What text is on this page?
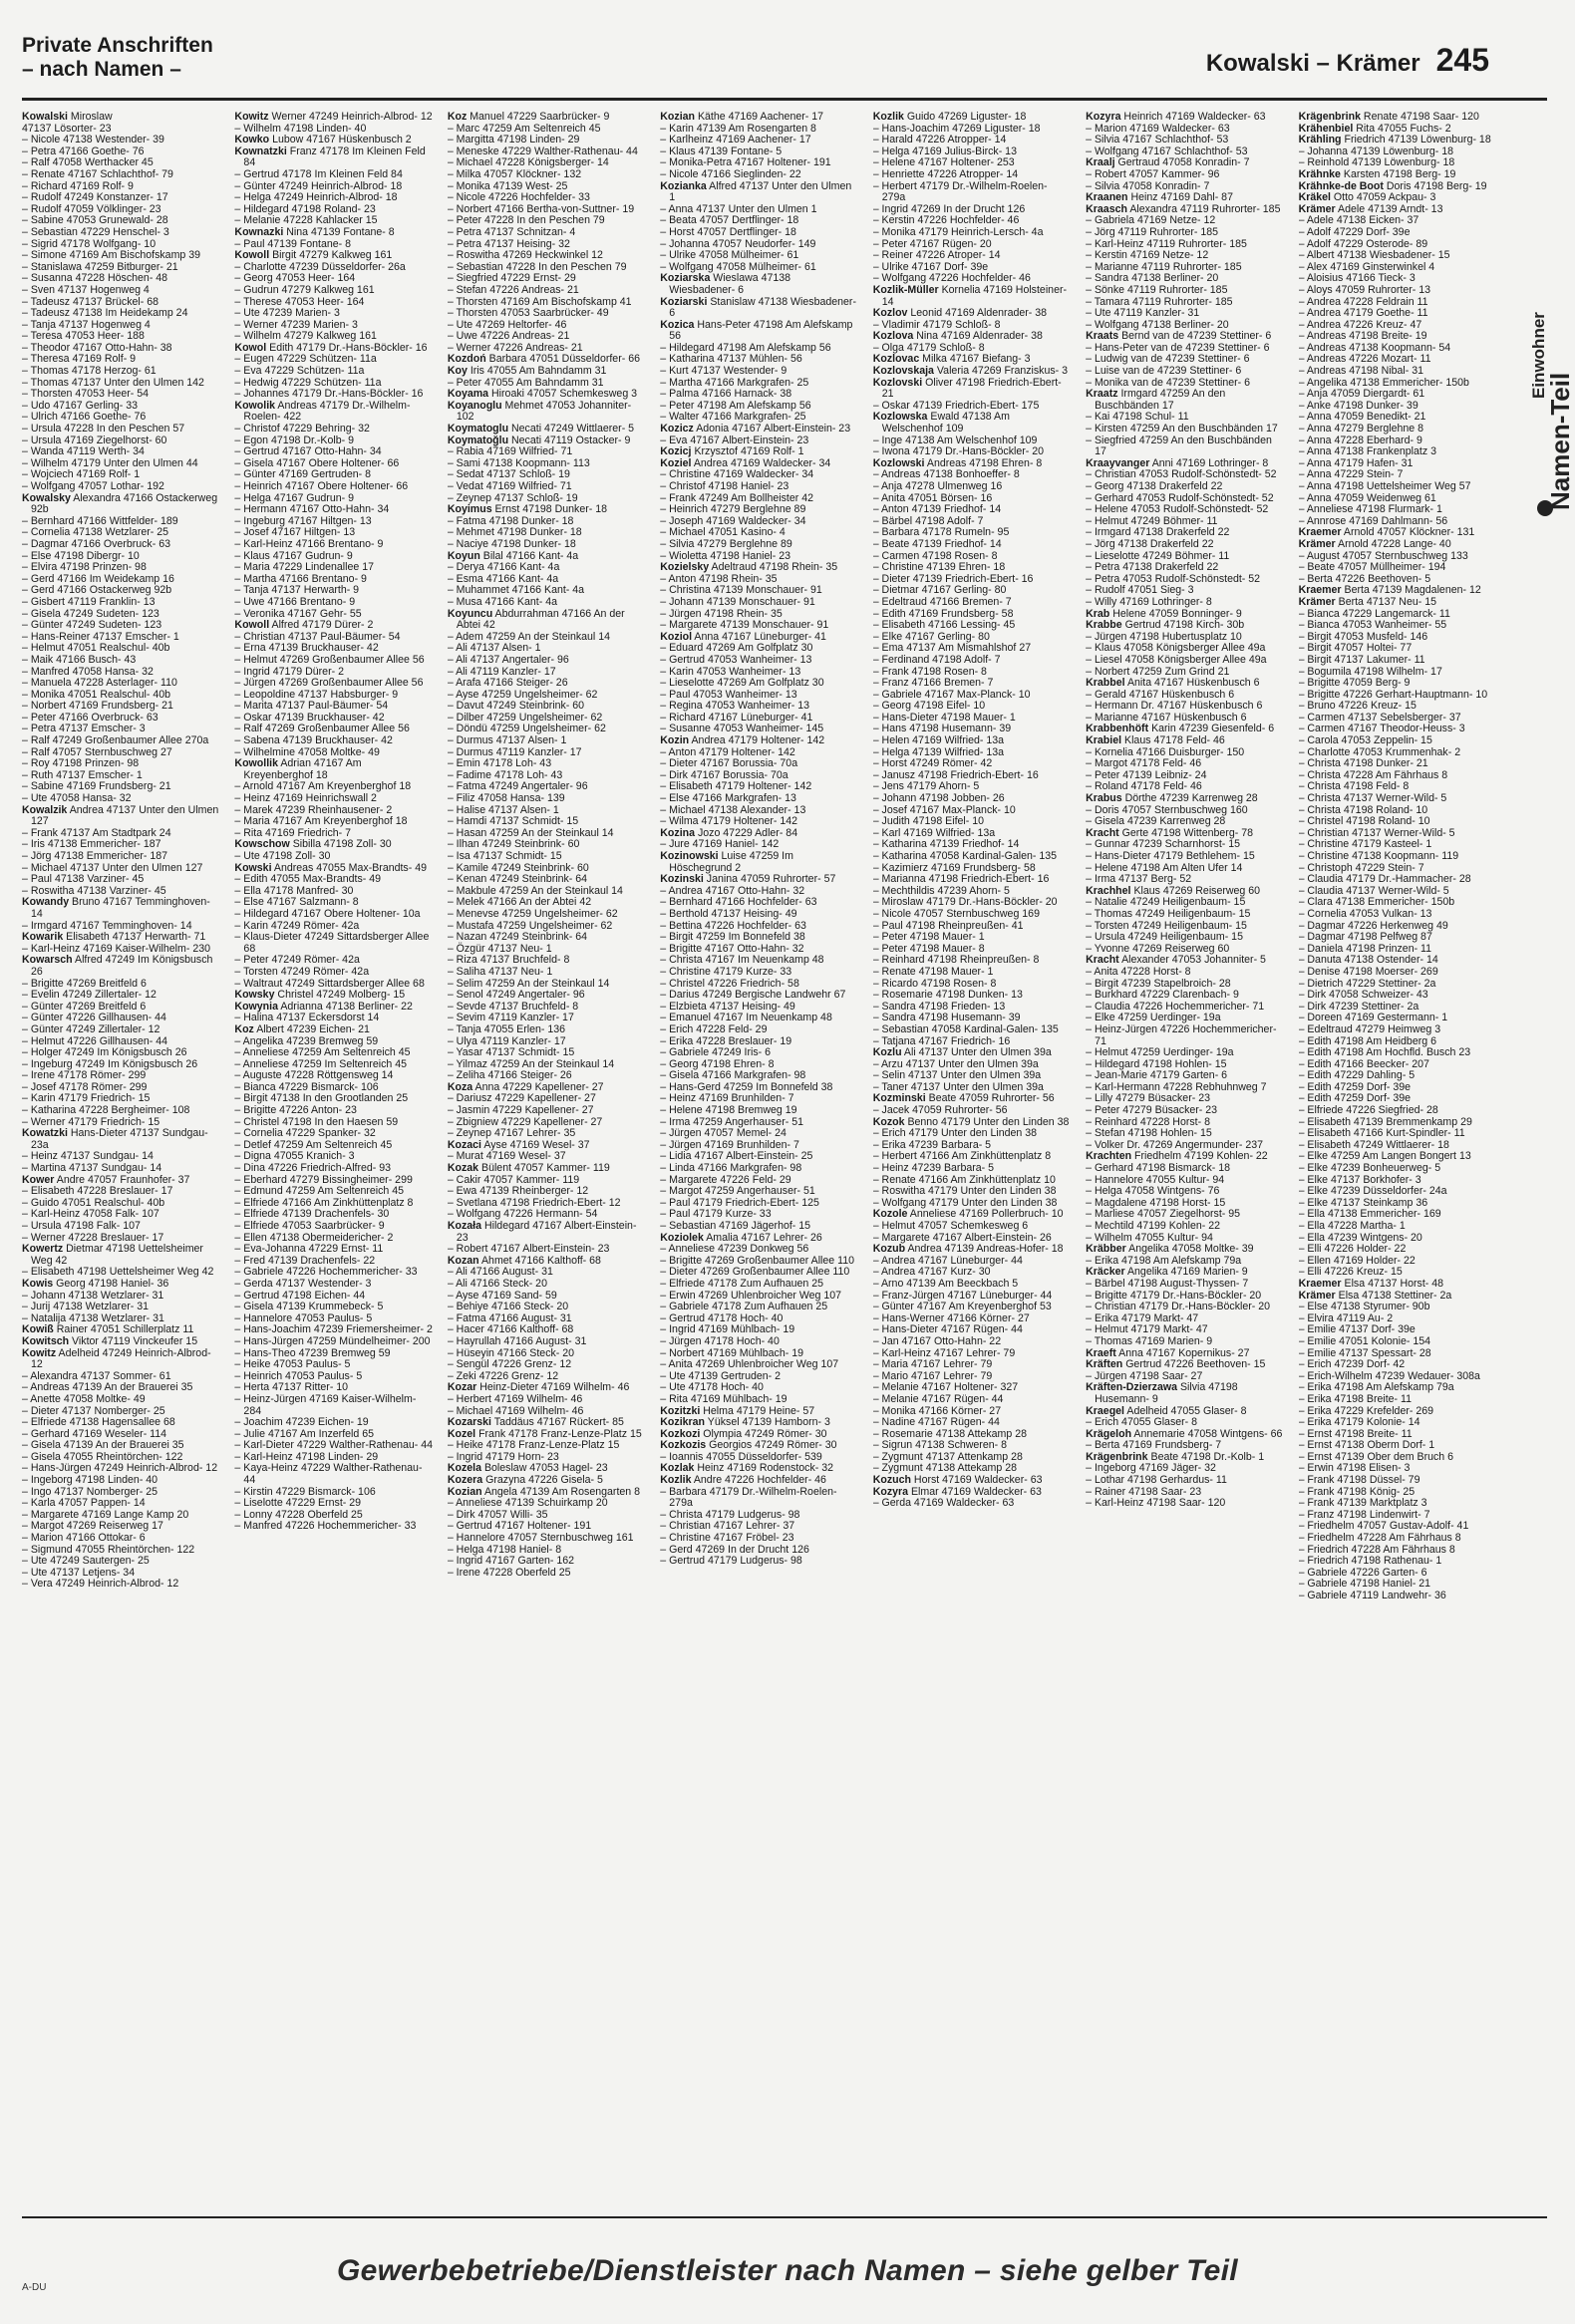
Private Anschriften
– nach Namen –	Kowalski – Krämer 245
Kowalski Miroslaw
47137 Lösorter- 23
– Nicole 47138 Westender- 39
– Petra 47166 Goethe- 76
– Ralf 47058 Werthacker 45
– Renate 47167 Schlachthof- 79
– Richard 47169 Rolf- 9
– Rudolf 47249 Konstanzer- 17
– Rudolf 47059 Völklinger- 23
– Sabine 47053 Grunewald- 28
– Sebastian 47229 Henschel- 3
– Sigrid 47178 Wolfgang- 10
– Simone 47169 Am Bischofskamp 39
– Stanislawa 47259 Bitburger- 21
– Susanna 47228 Höschen- 48
– Sven 47137 Hogenweg 4
– Tadeusz 47137 Brückel- 68
– Tadeusz 47138 Im Heidekamp 24
– Tanja 47137 Hogenweg 4
– Teresa 47053 Heer- 188
– Theodor 47167 Otto-Hahn- 38
– Theresa 47169 Rolf- 9
– Thomas 47178 Herzog- 61
– Thomas 47137 Unter den Ulmen 142
– Thorsten 47053 Heer- 54
– Udo 47167 Gerling- 33
– Ulrich 47166 Goethe- 76
– Ursula 47228 In den Peschen 57
– Ursula 47169 Ziegelhorst- 60
– Wanda 47119 Werth- 34
– Wilhelm 47179 Unter den Ulmen 44
– Wojciech 47169 Rolf- 1
– Wolfgang 47057 Lothar- 192
Kowalsky Alexandra 47166 Ostackerweg 92b
– Bernhard 47166 Wittfelder- 189
– Cornelia 47138 Wetzlarer- 25
– Dagmar 47166 Overbruck- 63
– Else 47198 Dibergr- 10
– Elvira 47198 Prinzen- 98
– Gerd 47166 Im Weidekamp 16
– Gerd 47166 Ostackerweg 92b
– Gisbert 47119 Franklin- 13
– Gisela 47249 Sudeten- 123
– Günter 47249 Sudeten- 123
– Hans-Reiner 47137 Emscher- 1
– Helmut 47051 Realschul- 40b
– Maik 47166 Busch- 43
– Manfred 47058 Hansa- 32
– Manuela 47228 Asterlager- 110
– Monika 47051 Realschul- 40b
– Norbert 47169 Frundsberg- 21
– Peter 47166 Overbruck- 63
– Petra 47137 Emscher- 3
– Ralf 47249 Großenbaumer Allee 270a
– Ralf 47057 Sternbuschweg 27
– Roy 47198 Prinzen- 98
– Ruth 47137 Emscher- 1
– Sabine 47169 Frundsberg- 21
– Ute 47058 Hansa- 32
Kowalzik Andrea 47137 Unter den Ulmen 127
– Frank 47137 Am Stadtpark 24
– Iris 47138 Emmericher- 187
– Jörg 47138 Emmericher- 187
– Michael 47137 Unter den Ulmen 127
– Paul 47138 Varziner- 45
– Roswitha 47138 Varziner- 45
Kowandy Bruno 47167 Temminghoven- 14
– Irmgard 47167 Temminghoven- 14
Kowarik Elisabeth 47137 Herwarth- 71
– Karl-Heinz 47169 Kaiser-Wilhelm- 230
Kowarsch Alfred 47249 Im Königsbusch 26
– Brigitte 47269 Breitfeld 6
– Evelin 47249 Zillertaler- 12
– Günter 47269 Breitfeld 6
– Günter 47226 Gillhausen- 44
– Günter 47249 Zillertaler- 12
– Helmut 47226 Gillhausen- 44
– Holger 47249 Im Königsbusch 26
– Ingeburg 47249 Im Königsbusch 26
– Irene 47178 Römer- 299
– Josef 47178 Römer- 299
– Karin 47179 Friedrich- 15
– Katharina 47228 Bergheimer- 108
– Werner 47179 Friedrich- 15
Kowatzki Hans-Dieter 47137 Sundgau- 23a
– Heinz 47137 Sundgau- 14
– Martina 47137 Sundgau- 14
Kower Andre 47057 Fraunhofer- 37
– Elisabeth 47228 Breslauer- 17
– Guido 47051 Realschul- 40b
– Karl-Heinz 47058 Falk- 107
– Ursula 47198 Falk- 107
– Werner 47228 Breslauer- 17
Kowertz Dietmar 47198 Uettelsheimer Weg 42
– Elisabeth 47198 Uettelsheimer Weg 42
Kowis Georg 47198 Haniel- 36
– Johann 47138 Wetzlarer- 31
– Jurij 47138 Wetzlarer- 31
– Natalija 47138 Wetzlarer- 31
Kowiß Rainer 47051 Schillerplatz 11
Kowitsch Viktor 47119 Vinckeufer 15
Kowitz Adelheid 47249 Heinrich-Albrod- 12
– Alexandra 47137 Sommer- 61
– Andreas 47139 An der Brauerei 35
– Anette 47058 Moltke- 49
– Dieter 47137 Nomberger- 25
– Elfriede 47138 Hagensallee 68
– Gerhard 47169 Weseler- 114
– Gisela 47139 An der Brauerei 35
– Gisela 47055 Rheintörchen- 122
– Hans-Jürgen 47249 Heinrich-Albrod- 12
– Ingeborg 47198 Linden- 40
– Ingo 47137 Nomberger- 25
– Karla 47057 Pappen- 14
– Margarete 47169 Lange Kamp 20
– Margot 47269 Reiserweg 17
– Marion 47166 Ottokar- 6
– Sigmund 47055 Rheintörchen- 122
– Ute 47249 Sautergen- 25
– Ute 47137 Letjens- 34
– Vera 47249 Heinrich-Albrod- 12
Kowitz Werner 47249 Heinrich-Albrod- 12
– Wilhelm 47198 Linden- 40
Kowko Lubow 47167 Hüskenbusch 2
Kownatzki Franz 47178 Im Kleinen Feld 84
– Gertrud 47178 Im Kleinen Feld 84
– Günter 47249 Heinrich-Albrod- 18
– Helga 47249 Heinrich-Albrod- 18
– Hildegard 47198 Roland- 23
– Melanie 47228 Kahlacker 15
Kownazki Nina 47139 Fontane- 8
– Paul 47139 Fontane- 8
Kowoll Birgit 47279 Kalkweg 161
– Charlotte 47239 Düsseldorfer- 26a
– Georg 47053 Heer- 164
– Gudrun 47279 Kalkweg 161
– Therese 47053 Heer- 164
– Ute 47239 Marien- 3
– Werner 47239 Marien- 3
– Wilhelm 47279 Kalkweg 161
Kowol Edith 47179 Dr.-Hans-Böckler- 16
– Eugen 47229 Schützen- 11a
– Eva 47229 Schützen- 11a
– Hedwig 47229 Schützen- 11a
– Johannes 47179 Dr.-Hans-Böckler- 16
Kowolik Andreas 47179 Dr.-Wilhelm-Roelen- 422
– Christof 47229 Behring- 32
– Egon 47198 Dr.-Kolb- 9
– Gertrud 47167 Otto-Hahn- 34
– Gisela 47167 Obere Holtener- 66
– Günter 47169 Gertruden- 8
– Heinrich 47167 Obere Holtener- 66
– Helga 47167 Gudrun- 9
– Hermann 47167 Otto-Hahn- 34
– Ingeburg 47167 Hiltgen- 13
– Josef 47167 Hiltgen- 13
– Karl-Heinz 47166 Brentano- 9
– Klaus 47167 Gudrun- 9
– Maria 47229 Lindenallee 17
– Martha 47166 Brentano- 9
– Tanja 47137 Herwarth- 9
– Uwe 47166 Brentano- 9
– Veronika 47167 Gehr- 55
Kowoll Alfred 47179 Dürer- 2
– Christian 47137 Paul-Bäumer- 54
– Erna 47139 Bruckhauser- 42
– Helmut 47269 Großenbaumer Allee 56
– Ingrid 47179 Dürer- 2
– Jürgen 47269 Großenbaumer Allee 56
– Leopoldine 47137 Habsburger- 9
– Marita 47137 Paul-Bäumer- 54
– Oskar 47139 Bruckhauser- 42
– Ralf 47269 Großenbaumer Allee 56
– Sabena 47139 Bruckhauser- 42
– Wilhelmine 47058 Moltke- 49
Kowollik Adrian 47167 Am Kreyenberghof 18
– Arnold 47167 Am Kreyenberghof 18
– Heinz 47169 Heinrichswall 2
– Marek 47239 Rheinhausener- 2
– Maria 47167 Am Kreyenberghof 18
– Rita 47169 Friedrich- 7
Kowschow Sibilla 47198 Zoll- 30
– Ute 47198 Zoll- 30
Kowski Andreas 47055 Max-Brandts- 49
– Edith 47055 Max-Brandts- 49
– Ella 47178 Manfred- 30
– Else 47167 Salzmann- 8
– Hildegard 47167 Obere Holtener- 10a
– Karin 47249 Römer- 42a
– Klaus-Dieter 47249 Sittardsberger Allee 68
– Peter 47249 Römer- 42a
– Torsten 47249 Römer- 42a
– Waltraut 47249 Sittardsberger Allee 68
Kowsky Christel 47249 Molberg- 15
Kowynia Adrianna 47138 Berliner- 22
– Halina 47137 Eckersdorst 14
Koz Albert 47239 Eichen- 21
– Angelika 47239 Bremweg 59
– Anneliese 47259 Am Seltenreich 45
– Anneliese 47259 Im Seltenreich 45
– Auguste 47228 Röttgensweg 14
– Bianca 47229 Bismarck- 106
– Birgit 47138 In den Grootlanden 25
– Brigitte 47226 Anton- 23
– Christel 47198 In den Haesen 59
– Cornelia 47229 Spanker- 32
– Detlef 47259 Am Seltenreich 45
– Digna 47055 Kranich- 3
– Dina 47226 Friedrich-Alfred- 93
– Eberhard 47279 Bissingheimer- 299
– Edmund 47259 Am Seltenreich 45
– Elfriede 47166 Am Zinkhüttenplatz 8
– Elfriede 47139 Drachenfels- 30
– Elfriede 47053 Saarbrücker- 9
– Ellen 47138 Obermeidericher- 2
– Eva-Johanna 47229 Ernst- 11
– Fred 47139 Drachenfels- 22
– Gabriele 47226 Hochemmericher- 33
– Gerda 47137 Westender- 3
– Gertrud 47198 Eichen- 44
– Gisela 47139 Krummebeck- 5
– Hannelore 47053 Paulus- 5
– Hans-Joachim 47239 Friemersheimer- 2
– Hans-Jürgen 47259 Mündelheimer- 200
– Hans-Theo 47239 Bremweg 59
– Heike 47053 Paulus- 5
– Heinrich 47053 Paulus- 5
– Herta 47137 Ritter- 10
– Heinz-Jürgen 47169 Kaiser-Wilhelm- 284
– Joachim 47239 Eichen- 19
– Julie 47167 Am Inzerfeld 65
– Karl-Dieter 47229 Walther-Rathenau- 44
– Karl-Heinz 47198 Linden- 29
– Kaya-Heinz 47229 Walther-Rathenau- 44
– Kirstin 47229 Bismarck- 106
– Liselotte 47229 Ernst- 29
– Lonny 47228 Oberfeld 25
– Manfred 47226 Hochemmericher- 33
Koz Manuel 47229 Saarbrücker- 9
– Marc 47259 Am Seltenreich 45
– Margitta 47198 Linden- 29
– Meneske 47229 Walther-Rathenau- 44
– Michael 47228 Königsberger- 14
– Milka 47057 Klöckner- 132
– Monika 47139 West- 25
– Nicole 47226 Hochfelder- 33
– Norbert 47166 Bertha-von-Suttner- 19
– Peter 47228 In den Peschen 79
– Petra 47137 Schnitzan- 4
– Petra 47137 Heising- 32
– Roswitha 47269 Heckwinkel 12
– Sebastian 47228 In den Peschen 79
– Siegfried 47229 Ernst- 29
– Stefan 47226 Andreas- 21
– Thorsten 47169 Am Bischofskamp 41
– Thorsten 47053 Saarbrücker- 49
– Ute 47269 Heltorfer- 46
– Uwe 47226 Andreas- 21
– Werner 47226 Andreas- 21
Kozdoń Barbara 47051 Düsseldorfer- 66
Koy Iris 47055 Am Bahndamm 31
– Peter 47055 Am Bahndamm 31
Koyama Hiroaki 47057 Schemkesweg 3
Koyanoglu Mehmet 47053 Johanniter- 102
Koymatoglu Necati 47249 Wittlaerer- 5
Koymatoğlu Necati 47119 Ostacker- 9
– Rabia 47169 Wilfried- 71
– Sami 47138 Koopmann- 113
– Sedat 47137 Schloß- 19
– Vedat 47169 Wilfried- 71
– Zeynep 47137 Schloß- 19
Koyimus Ernst 47198 Dunker- 18
– Fatma 47198 Dunker- 18
– Mehmet 47198 Dunker- 18
– Naciye 47198 Dunker- 18
Koyun Bilal 47166 Kant- 4a
– Derya 47166 Kant- 4a
– Esma 47166 Kant- 4a
– Muhammet 47166 Kant- 4a
– Musa 47166 Kant- 4a
Koyuncu Abdurrahman 47166 An der Abtei 42
– Adem 47259 An der Steinkaul 14
– Ali 47137 Alsen- 1
– Ali 47137 Angertaler- 96
– Ali 47119 Kanzler- 17
– Arafa 47166 Steiger- 26
– Ayse 47259 Ungelsheimer- 62
– Davut 47249 Steinbrink- 60
– Dilber 47259 Ungelsheimer- 62
– Döndü 47259 Ungelsheimer- 62
– Durmus 47137 Alsen- 1
– Durmus 47119 Kanzler- 17
– Emin 47178 Loh- 43
– Fadime 47178 Loh- 43
– Fatma 47249 Angertaler- 96
– Filiz 47058 Hansa- 139
– Halise 47137 Alsen- 1
– Hamdi 47137 Schmidt- 15
– Hasan 47259 An der Steinkaul 14
– Ilhan 47249 Steinbrink- 60
– Isa 47137 Schmidt- 15
– Kamile 47249 Steinbrink- 60
– Kenan 47249 Steinbrink- 64
– Makbule 47259 An der Steinkaul 14
– Melek 47166 An der Abtei 42
– Menevse 47259 Ungelsheimer- 62
– Mustafa 47259 Ungelsheimer- 62
– Nazan 47249 Steinbrink- 64
– Özgür 47137 Neu- 1
– Riza 47137 Bruchfeld- 8
– Saliha 47137 Neu- 1
– Selim 47259 An der Steinkaul 14
– Senol 47249 Angertaler- 96
– Sevde 47137 Bruchfeld- 8
– Sevim 47119 Kanzler- 17
– Tanja 47055 Erlen- 136
– Ulya 47119 Kanzler- 17
– Yasar 47137 Schmidt- 15
– Yilmaz 47259 An der Steinkaul 14
– Zeliha 47166 Steiger- 26
Koza Anna 47229 Kapellener- 27
– Dariusz 47229 Kapellener- 27
– Jasmin 47229 Kapellener- 27
– Zbigniew 47229 Kapellener- 27
– Zeynep 47167 Lehrer- 35
Kozaci Ayse 47169 Wesel- 37
– Murat 47169 Wesel- 37
Kozak Bülent 47057 Kammer- 119
– Cakir 47057 Kammer- 119
– Ewa 47139 Rheinberger- 12
– Svetlana 47198 Friedrich-Ebert- 12
– Wolfgang 47226 Hermann- 54
Kozała Hildegard 47167 Albert-Einstein- 23
– Robert 47167 Albert-Einstein- 23
Kozan Ahmet 47166 Kalthoff- 68
– Ali 47166 August- 31
– Ali 47166 Steck- 20
– Ayse 47169 Sand- 59
– Behiye 47166 Steck- 20
– Fatma 47166 August- 31
– Hacer 47166 Kalthoff- 68
– Hayrullah 47166 August- 31
– Hüseyin 47166 Steck- 20
– Sengül 47226 Grenz- 12
– Zeki 47226 Grenz- 12
Kozar Heinz-Dieter 47169 Wilhelm- 46
– Herbert 47169 Wilhelm- 46
– Michael 47169 Wilhelm- 46
Kozarski Taddäus 47167 Rückert- 85
Kozel Frank 47178 Franz-Lenze-Platz 15
– Heike 47178 Franz-Lenze-Platz 15
– Ingrid 47179 Horn- 23
Kozela Boleslaw 47053 Hagel- 23
Kozera Grazyna 47226 Gisela- 5
Kozian Angela 47139 Am Rosengarten 8
– Anneliese 47139 Schuirkamp 20
– Dirk 47057 Willi- 35
– Gertrud 47167 Holtener- 191
– Hannelore 47057 Sternbuschweg 161
– Helga 47198 Haniel- 8
– Ingrid 47167 Garten- 162
– Irene 47228 Oberfeld 25
Kozian Käthe 47169 Aachener- 17
– Karin 47139 Am Rosengarten 8
– Karlheinz 47169 Aachener- 17
– Klaus 47139 Fontane- 5
– Monika-Petra 47167 Holtener- 191
– Nicole 47166 Sieglinden- 22
Kozianka Alfred 47137 Unter den Ulmen 1
– Anna 47137 Unter den Ulmen 1
– Beata 47057 Dertflinger- 18
– Horst 47057 Dertflinger- 18
– Johanna 47057 Neudorfer- 149
– Ulrike 47058 Mülheimer- 61
– Wolfgang 47058 Mülheimer- 61
Koziarska Wieslawa 47138 Wiesbadener- 6
Koziarski Stanislaw 47138 Wiesbadener- 6
Kozica Hans-Peter 47198 Am Alefskamp 56
– Hildegard 47198 Am Alefskamp 56
– Katharina 47137 Mühlen- 56
– Kurt 47137 Westender- 9
– Martha 47166 Markgrafen- 25
– Palma 47166 Harnack- 38
– Peter 47198 Am Alefskamp 56
– Walter 47166 Markgrafen- 25
Kozicz Adonia 47167 Albert-Einstein- 23
– Eva 47167 Albert-Einstein- 23
Kozicj Krzysztof 47169 Rolf- 1
Koziel Andrea 47169 Waldecker- 34
– Christine 47169 Waldecker- 34
– Christof 47198 Haniel- 23
– Frank 47249 Am Bollheister 42
– Heinrich 47279 Berglehne 89
– Joseph 47169 Waldecker- 34
– Michael 47051 Kasino- 4
– Silvia 47279 Berglehne 89
– Wioletta 47198 Haniel- 23
Kozielsky Adeltraud 47198 Rhein- 35
– Anton 47198 Rhein- 35
– Christina 47139 Monschauer- 91
– Johann 47139 Monschauer- 91
– Jürgen 47198 Rhein- 35
– Margarete 47139 Monschauer- 91
Koziol Anna 47167 Lüneburger- 41
– Eduard 47269 Am Golfplatz 30
– Gertrud 47053 Wanheimer- 13
– Karin 47053 Wanheimer- 13
– Lieselotte 47269 Am Golfplatz 30
– Paul 47053 Wanheimer- 13
– Regina 47053 Wanheimer- 13
– Richard 47167 Lüneburger- 41
– Susanne 47053 Wanheimer- 145
Kozin Andrea 47179 Holtener- 142
– Anton 47179 Holtener- 142
– Dieter 47167 Borussia- 70a
– Dirk 47167 Borussia- 70a
– Elisabeth 47179 Holtener- 142
– Else 47166 Markgrafen- 13
– Michael 47138 Alexander- 13
– Wilma 47179 Holtener- 142
Kozina Jozo 47229 Adler- 84
– Jure 47169 Haniel- 142
Kozinowski Luise 47259 Im Höschegrund 2
Kozinski Janina 47059 Ruhrorter- 57
– Andrea 47167 Otto-Hahn- 32
– Bernhard 47166 Hochfelder- 63
– Berthold 47137 Heising- 49
– Bettina 47226 Hochfelder- 63
– Birgit 47259 Im Bonnefeld 38
– Brigitte 47167 Otto-Hahn- 32
– Christa 47167 Im Neuenkamp 48
– Christine 47179 Kurze- 33
– Christel 47226 Friedrich- 58
– Darius 47249 Bergische Landwehr 67
– Elzbieta 47137 Heising- 49
– Emanuel 47167 Im Neuenkamp 48
– Erich 47228 Feld- 29
– Erika 47228 Breslauer- 19
– Gabriele 47249 Iris- 6
– Georg 47198 Ehren- 8
– Gisela 47166 Markgrafen- 98
– Hans-Gerd 47259 Im Bonnefeld 38
– Heinz 47169 Brunhilden- 7
– Helene 47198 Bremweg 19
– Irma 47259 Angerhauser- 51
– Jürgen 47057 Memel- 24
– Jürgen 47169 Brunhilden- 7
– Lidia 47167 Albert-Einstein- 25
– Linda 47166 Markgrafen- 98
– Margarete 47226 Feld- 29
– Margot 47259 Angerhauser- 51
– Paul 47179 Friedrich-Ebert- 125
– Paul 47179 Kurze- 33
– Sebastian 47169 Jägerhof- 15
Koziolek Amalia 47167 Lehrer- 26
– Anneliese 47239 Donkweg 56
– Brigitte 47269 Großenbaumer Allee 110
– Dieter 47269 Großenbaumer Allee 110
– Elfriede 47178 Zum Aufhauen 25
– Erwin 47269 Uhlenbroicher Weg 107
– Gabriele 47178 Zum Aufhauen 25
– Gertrud 47178 Hoch- 40
– Ingrid 47169 Mühlbach- 19
– Jürgen 47178 Hoch- 40
– Norbert 47169 Mühlbach- 19
– Anita 47269 Uhlenbroicher Weg 107
– Ute 47139 Gertruden- 2
– Ute 47178 Hoch- 40
– Rita 47169 Mühlbach- 19
Kozitzki Helma 47179 Heine- 57
Kozikran Yüksel 47139 Hamborn- 3
Kozkozi Olympia 47249 Römer- 30
Kozkozis Georgios 47249 Römer- 30
– Ioannis 47055 Düsseldorfer- 539
Kozlak Heinz 47169 Rodenstock- 32
Kozlik Andre 47226 Hochfelder- 46
– Barbara 47179 Dr.-Wilhelm-Roelen- 279a
– Christa 47179 Ludgerus- 98
– Christian 47167 Lehrer- 37
– Christine 47167 Fröbel- 23
– Gerd 47269 In der Drucht 126
– Gertrud 47179 Ludgerus- 98
Kozlik Guido 47269 Liguster- 18
– Hans-Joachim 47269 Liguster- 18
– Harald 47226 Atropper- 14
– Helga 47169 Julius-Birck- 13
– Helene 47167 Holtener- 253
– Henriette 47226 Atropper- 14
– Herbert 47179 Dr.-Wilhelm-Roelen- 279a
– Ingrid 47269 In der Drucht 126
– Kerstin 47226 Hochfelder- 46
– Monika 47179 Heinrich-Lersch- 4a
– Peter 47167 Rügen- 20
– Reiner 47226 Atroper- 14
– Ulrike 47167 Dorf- 39e
– Wolfgang 47226 Hochfelder- 46
Kozlik-Müller Kornelia 47169 Holsteiner- 14
Kozlov Leonid 47169 Aldenrader- 38
– Vladimir 47179 Schloß- 8
Kozlova Nina 47169 Aldenrader- 38
– Olga 47179 Schloß- 8
Kozlovac Milka 47167 Biefang- 3
Kozlovskaja Valeria 47269 Franziskus- 3
Kozlovski Oliver 47198 Friedrich-Ebert- 21
– Oskar 47139 Friedrich-Ebert- 175
Kozlowska Ewald 47138 Am Welschenhof 109
– Inge 47138 Am Welschenhof 109
– Iwona 47179 Dr.-Hans-Böckler- 20
Kozlowski Andreas 47198 Ehren- 8
– Andreas 47138 Bonhoeffer- 8
– Anja 47278 Ulmenweg 16
– Anita 47051 Börsen- 16
– Anton 47139 Friedhof- 14
– Bärbel 47198 Adolf- 7
– Barbara 47178 Rumeln- 95
– Beate 47139 Friedhof- 14
– Carmen 47198 Rosen- 8
– Christine 47139 Ehren- 18
– Dieter 47139 Friedrich-Ebert- 16
– Dietmar 47167 Gerling- 80
– Edeltraud 47166 Bremen- 7
– Edith 47169 Frundsberg- 58
– Elisabeth 47166 Lessing- 45
– Elke 47167 Gerling- 80
– Ema 47137 Am Mismahlshof 27
– Ferdinand 47198 Adolf- 7
– Frank 47198 Rosen- 8
– Franz 47166 Bremen- 7
– Gabriele 47167 Max-Planck- 10
– Georg 47198 Eifel- 10
– Hans-Dieter 47198 Mauer- 1
– Hans 47198 Husemann- 39
– Helen 47169 Wilfried- 13a
– Helga 47139 Wilfried- 13a
– Horst 47249 Römer- 42
– Janusz 47198 Friedrich-Ebert- 16
– Jens 47179 Ahorn- 5
– Johann 47198 Jobben- 26
– Josef 47167 Max-Planck- 10
– Judith 47198 Eifel- 10
– Karl 47169 Wilfried- 13a
– Katharina 47139 Friedhof- 14
– Katharina 47058 Kardinal-Galen- 135
– Kazimierz 47169 Frundsberg- 58
– Marianna 47198 Friedrich-Ebert- 16
– Mechthildis 47239 Ahorn- 5
– Miroslaw 47179 Dr.-Hans-Böckler- 20
– Nicole 47057 Sternbuschweg 169
– Paul 47198 Rheinpreußen- 41
– Peter 47198 Mauer- 1
– Peter 47198 Mauer- 8
– Reinhard 47198 Rheinpreußen- 8
– Renate 47198 Mauer- 1
– Ricardo 47198 Rosen- 8
– Rosemarie 47198 Dunken- 13
– Sandra 47198 Frieden- 13
– Sandra 47198 Husemann- 39
– Sebastian 47058 Kardinal-Galen- 135
– Tatjana 47167 Friedrich- 16
Kozlu Ali 47137 Unter den Ulmen 39a
– Arzu 47137 Unter den Ulmen 39a
– Selin 47137 Unter den Ulmen 39a
– Taner 47137 Unter den Ulmen 39a
Kozminski Beate 47059 Ruhrorter- 56
– Jacek 47059 Ruhrorter- 56
Kozok Benno 47179 Unter den Linden 38
– Erich 47179 Unter den Linden 38
– Erika 47239 Barbara- 5
– Herbert 47166 Am Zinkhüttenplatz 8
– Heinz 47239 Barbara- 5
– Renate 47166 Am Zinkhüttenplatz 10
– Roswitha 47179 Unter den Linden 38
– Wolfgang 47179 Unter den Linden 38
Kozole Anneliese 47169 Pollerbruch- 10
– Helmut 47057 Schemkesweg 6
– Margarete 47167 Albert-Einstein- 26
Kozub Andrea 47139 Andreas-Hofer- 18
– Andrea 47167 Lüneburger- 44
– Andrea 47167 Kurz- 30
– Arno 47139 Am Beeckbach 5
– Franz-Jürgen 47167 Lüneburger- 44
– Günter 47167 Am Kreyenberghof 53
– Hans-Werner 47166 Körner- 27
– Hans-Dieter 47167 Rügen- 44
– Jan 47167 Otto-Hahn- 22
– Karl-Heinz 47167 Lehrer- 79
– Maria 47167 Lehrer- 79
– Mario 47167 Lehrer- 79
– Melanie 47167 Holtener- 327
– Melanie 47167 Rügen- 44
– Monika 47166 Körner- 27
– Nadine 47167 Rügen- 44
– Rosemarie 47138 Attekamp 28
– Sigrun 47138 Schweren- 8
– Zygmunt 47137 Attenkamp 28
– Zygmunt 47138 Attekamp 28
Kozuch Horst 47169 Waldecker- 63
Kozyra Elmar 47169 Waldecker- 63
– Gerda 47169 Waldecker- 63
Kozyra Heinrich 47169 Waldecker- 63
– Marion 47169 Waldecker- 63
– Silvia 47167 Schlachthof- 53
– Wolfgang 47167 Schlachthof- 53
Kraalj Gertraud 47058 Konradin- 7
– Robert 47057 Kammer- 96
– Silvia 47058 Konradin- 7
Kraanen Heinz 47169 Dahl- 87
Kraasch Alexandra 47119 Ruhrorter- 185
– Gabriela 47169 Netze- 12
– Jörg 47119 Ruhrorter- 185
– Karl-Heinz 47119 Ruhrorter- 185
– Kerstin 47169 Netze- 12
– Marianne 47119 Ruhrorter- 185
– Sandra 47138 Berliner- 20
– Sönke 47119 Ruhrorter- 185
– Tamara 47119 Ruhrorter- 185
– Ute 47119 Kanzler- 31
– Wolfgang 47138 Berliner- 20
Kraats Bernd van de 47239 Stettiner- 6
– Hans-Peter van de 47239 Stettiner- 6
– Ludwig van de 47239 Stettiner- 6
– Luise van de 47239 Stettiner- 6
– Monika van de 47239 Stettiner- 6
Kraatz Irmgard 47259 An den Buschbänden 17
– Kai 47198 Schul- 11
– Kirsten 47259 An den Buschbänden 17
– Siegfried 47259 An den Buschbänden 17
Kraayvanger Anni 47169 Lothringer- 8
– Christian 47053 Rudolf-Schönstedt- 52
– Georg 47138 Drakerfeld 22
– Gerhard 47053 Rudolf-Schönstedt- 52
– Helene 47053 Rudolf-Schönstedt- 52
– Helmut 47249 Böhmer- 11
– Irmgard 47138 Drakerfeld 22
– Jörg 47138 Drakerfeld 22
– Lieselotte 47249 Böhmer- 11
– Petra 47138 Drakerfeld 22
– Petra 47053 Rudolf-Schönstedt- 52
– Rudolf 47051 Sieg- 3
– Willy 47169 Lothringer- 8
Krab Helene 47059 Bonninger- 9
Krabbe Gertrud 47198 Kirch- 30b
– Jürgen 47198 Hubertusplatz 10
– Klaus 47058 Königsberger Allee 49a
– Liesel 47058 Königsberger Allee 49a
– Norbert 47259 Zum Grind 21
Krabbel Anita 47167 Hüskenbusch 6
– Gerald 47167 Hüskenbusch 6
– Hermann Dr. 47167 Hüskenbusch 6
– Marianne 47167 Hüskenbusch 6
Krabbenhöft Karin 47239 Giesenfeld- 6
Krabiel Klaus 47178 Feld- 46
– Kornelia 47166 Duisburger- 150
– Margot 47178 Feld- 46
– Peter 47139 Leibniz- 24
– Roland 47178 Feld- 46
Krabus Dörthe 47239 Karrenweg 28
– Doris 47057 Sternbuschweg 160
– Gisela 47239 Karrenweg 28
Kracht Gerte 47198 Wittenberg- 78
– Gunnar 47239 Scharnhorst- 15
– Hans-Dieter 47179 Bethlehem- 15
– Helene 47198 Am Alten Ufer 14
– Irma 47137 Berg- 52
Krachhel Klaus 47269 Reiserweg 60
– Natalie 47249 Heiligenbaum- 15
– Thomas 47249 Heiligenbaum- 15
– Torsten 47249 Heiligenbaum- 15
– Ursula 47249 Heiligenbaum- 15
– Yvonne 47269 Reiserweg 60
Kracht Alexander 47053 Johanniter- 5
– Anita 47228 Horst- 8
– Birgit 47239 Stapelbroich- 28
– Burkhard 47229 Clarenbach- 9
– Claudia 47226 Hochemmericher- 71
– Elke 47259 Uerdinger- 19a
– Heinz-Jürgen 47226 Hochemmericher- 71
– Helmut 47259 Uerdinger- 19a
– Hildegard 47198 Hohlen- 15
– Jean-Marie 47179 Garten- 6
– Karl-Hermann 47228 Rebhuhnweg 7
– Lilly 47279 Büsacker- 23
– Peter 47279 Büsacker- 23
– Reinhard 47228 Horst- 8
– Stefan 47198 Hohlen- 15
– Volker Dr. 47269 Angermunder- 237
Krachten Friedhelm 47199 Kohlen- 22
– Gerhard 47198 Bismarck- 18
– Hannelore 47055 Kultur- 94
– Helga 47058 Wintgens- 76
– Magdalene 47198 Horst- 15
– Marliese 47057 Ziegelhorst- 95
– Mechtild 47199 Kohlen- 22
– Wilhelm 47055 Kultur- 94
Kräbber Angelika 47058 Moltke- 39
– Erika 47198 Am Alefskamp 79a
Kräcker Angelika 47169 Marien- 9
– Bärbel 47198 August-Thyssen- 7
– Brigitte 47179 Dr.-Hans-Böckler- 20
– Christian 47179 Dr.-Hans-Böckler- 20
– Erika 47179 Markt- 47
– Helmut 47179 Markt- 47
– Thomas 47169 Marien- 9
Kraeft Anna 47167 Kopernikus- 27
Kräften Gertrud 47226 Beethoven- 15
– Jürgen 47198 Saar- 27
Kräften-Dzierzawa Silvia 47198 Husemann- 9
Kraegel Adelheid 47055 Glaser- 8
– Erich 47055 Glaser- 8
Krägeloh Annemarie 47058 Wintgens- 66
– Berta 47169 Frundsberg- 7
Krägenbrink Beate 47198 Dr.-Kolb- 1
– Ingeborg 47169 Jäger- 32
– Lothar 47198 Gerhardus- 11
– Rainer 47198 Saar- 23
– Karl-Heinz 47198 Saar- 120
Krägenbrink Renate 47198 Saar- 120
Krähenbiel Rita 47055 Fuchs- 2
Krähling Friedrich 47139 Löwenburg- 18
– Johanna 47139 Löwenburg- 18
– Reinhold 47139 Löwenburg- 18
Krähnke Karsten 47198 Berg- 19
Krähnke-de Boot Doris 47198 Berg- 19
Kräkel Otto 47059 Ackpau- 3
Krämer Adele 47139 Arndt- 13
– Adele 47138 Eicken- 37
– Adolf 47229 Dorf- 39e
– Adolf 47229 Osterode- 89
– Albert 47138 Wiesbadener- 15
– Alex 47169 Ginsterwinkel 4
– Aloisius 47166 Tieck- 3
– Aloys 47059 Ruhrorter- 13
– Andrea 47228 Feldrain 11
– Andrea 47179 Goethe- 11
– Andrea 47226 Kreuz- 47
– Andreas 47198 Breite- 19
– Andreas 47138 Koopmann- 54
– Andreas 47226 Mozart- 11
– Andreas 47198 Nibal- 31
– Angelika 47138 Emmericher- 150b
– Anja 47059 Diergardt- 61
– Anke 47198 Dunker- 39
– Anna 47059 Benedikt- 21
– Anna 47279 Berglehne 8
– Anna 47228 Eberhard- 9
– Anna 47138 Frankenplatz 3
– Anna 47179 Hafen- 31
– Anna 47229 Stein- 7
– Anna 47198 Uettelsheimer Weg 57
– Anna 47059 Weidenweg 61
– Anneliese 47198 Flurmark- 1
– Annrose 47169 Dahlmann- 56
Kraemer Arnold 47057 Klöckner- 131
Krämer Arnold 47228 Lange- 40
– August 47057 Sternbuschweg 133
– Beate 47057 Müllheimer- 194
– Berta 47226 Beethoven- 5
Kraemer Berta 47139 Magdalenen- 12
Krämer Berta 47137 Neu- 15
– Bianca 47229 Langemarck- 11
– Bianca 47053 Wanheimer- 55
– Birgit 47053 Musfeld- 146
– Birgit 47057 Holtei- 77
– Birgit 47137 Lakumer- 11
– Bogumila 47198 Wilhelm- 17
– Brigitte 47059 Berg- 9
– Brigitte 47226 Gerhart-Hauptmann- 10
– Bruno 47226 Kreuz- 15
– Carmen 47137 Sebelsberger- 37
– Carmen 47167 Theodor-Heuss- 3
– Carola 47053 Zeppelin- 15
– Charlotte 47053 Krummenhak- 2
– Christa 47198 Dunker- 21
– Christa 47228 Am Fährhaus 8
– Christa 47198 Feld- 8
– Christa 47137 Werner-Wild- 5
– Christa 47198 Roland- 10
– Christel 47198 Roland- 10
– Christian 47137 Werner-Wild- 5
– Christine 47179 Kasteel- 1
– Christine 47138 Koopmann- 119
– Christoph 47229 Stein- 7
– Claudia 47179 Dr.-Hammacher- 28
– Claudia 47137 Werner-Wild- 5
– Clara 47138 Emmericher- 150b
– Cornelia 47053 Vulkan- 13
– Dagmar 47226 Herkenweg 49
– Dagmar 47198 Pelfweg 87
– Daniela 47198 Prinzen- 11
– Danuta 47138 Ostender- 14
– Denise 47198 Moerser- 269
– Dietrich 47229 Stettiner- 2a
– Dirk 47058 Schweizer- 43
– Dirk 47239 Stettiner- 2a
– Doreen 47169 Gestermann- 1
– Edeltraud 47279 Heimweg 3
– Edith 47198 Am Heidberg 6
– Edith 47198 Am Hochfld. Busch 23
– Edith 47166 Beecker- 207
– Edith 47229 Dahling- 5
– Edith 47259 Dorf- 39e
– Edith 47259 Dorf- 39e
– Elfriede 47226 Siegfried- 28
– Elisabeth 47139 Bremmenkamp 29
– Elisabeth 47166 Kurt-Spindler- 11
– Elisabeth 47249 Wittlaerer- 18
– Elke 47259 Am Langen Bongert 13
– Elke 47239 Bonheuerweg- 5
– Elke 47137 Borkhofer- 3
– Elke 47239 Düsseldorfer- 24a
– Elke 47137 Steinkamp 36
– Ella 47138 Emmericher- 169
– Ella 47228 Martha- 1
– Ella 47239 Wintgens- 20
– Elli 47226 Holder- 22
– Ellen 47169 Holder- 22
– Elli 47226 Kreuz- 15
Kraemer Elsa 47137 Horst- 48
Krämer Elsa 47138 Stettiner- 2a
– Else 47138 Styrumer- 90b
– Elvira 47119 Au- 2
– Emilie 47137 Dorf- 39e
– Emilie 47051 Kolonie- 154
– Emilie 47137 Spessart- 28
– Erich 47239 Dorf- 42
– Erich-Wilhelm 47239 Wedauer- 308a
– Erika 47198 Am Alefskamp 79a
– Erika 47198 Breite- 11
– Erika 47229 Krefelder- 269
– Erika 47179 Kolonie- 14
– Ernst 47198 Breite- 11
– Ernst 47138 Oberm Dorf- 1
– Ernst 47139 Ober dem Bruch 6
– Erwin 47198 Elisen- 3
– Frank 47198 Düssel- 79
– Frank 47198 König- 25
– Frank 47139 Marktplatz 3
– Franz 47198 Lindenwirt- 7
– Friedhelm 47057 Gustav-Adolf- 41
– Friedhelm 47228 Am Fährhaus 8
– Friedrich 47228 Am Fährhaus 8
– Friedrich 47198 Rathenau- 1
– Gabriele 47226 Garten- 6
– Gabriele 47198 Haniel- 21
– Gabriele 47119 Landwehr- 36
Einwohner
Namen-Teil
A-DU
Gewerbebetriebe/Dienstleister nach Namen – siehe gelber Teil
